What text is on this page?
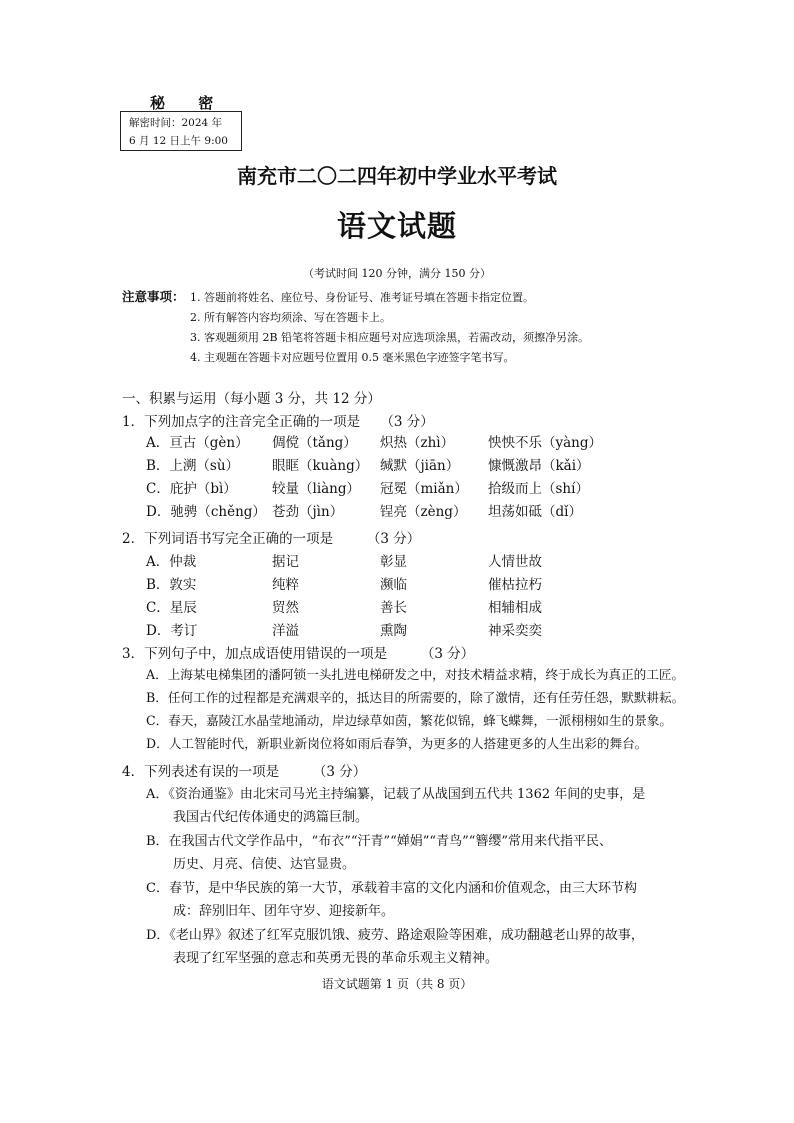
秘 密
解密时间：2024 年
6 月 12 日上午 9:00
南充市二〇二四年初中学业水平考试
语文试题
（考试时间 120 分钟，满分 150 分）
注意事项： 1. 答题前将姓名、座位号、身份证号、准考证号填在答题卡指定位置。
2. 所有解答内容均须涂、写在答题卡上。
3. 客观题须用 2B 铅笔将答题卡相应题号对应选项涂黑，若需改动，须擦净另涂。
4. 主观题在答题卡对应题号位置用 0.5 毫米黑色字迹签字笔书写。
一、积累与运用（每小题 3 分，共 12 分）
1．下列加点字的注音完全正确的一项是　　（3 分）
A．亘古（gèn） 倜傥（tǎng） 炽热（zhì）	怏怏不乐（yàng）
B．上溯（sù） 眼眶（kuàng） 缄默（jiān） 慷慨激昂（kǎi）
C．庇护（bì）	较量（liàng） 冠冕（miǎn） 拾级而上（shí）
D．驰骋（chěng） 苍劲（jìn）	锃亮（zèng） 坦荡如砥（dǐ）
2．下列词语书写完全正确的一项是　　　（3 分）
A．仲裁	据记	彰显	人情世故
B．敦实	纯粹	濒临	催枯拉朽
C．星辰	贸然	善长	相辅相成
D．考订	洋溢	熏陶	神采奕奕
3．下列句子中，加点成语使用错误的一项是　　　（3 分）
A．上海某电梯集团的潘阿锁一头扎进电梯研发之中，对技术精益求精，终于成长为真正的工匠。
B．任何工作的过程都是充满艰辛的，抵达目的所需要的，除了激情，还有任劳任怨，默默耕耘。
C．春天，嘉陵江水晶莹地涌动，岸边绿草如茵，繁花似锦，蜂飞蝶舞，一派栩栩如生的景象。
D．人工智能时代，新职业新岗位将如雨后春笋，为更多的人搭建更多的人生出彩的舞台。
4．下列表述有误的一项是　　　（3 分）
A．《资治通鉴》由北宋司马光主持编纂，记载了从战国到五代共 1362 年间的史事，是
我国古代纪传体通史的鸿篇巨制。
B．在我国古代文学作品中，“布衣”“汗青”“婵娟”“青鸟”“簪缨”常用来代指平民、
历史、月亮、信使、达官显贵。
C．春节，是中华民族的第一大节，承载着丰富的文化内涵和价值观念，由三大环节构
成：辞别旧年、团年守岁、迎接新年。
D．《老山界》叙述了红军克服饥饿、疲劳、路途艰险等困难，成功翻越老山界的故事，
表现了红军坚强的意志和英勇无畏的革命乐观主义精神。
语文试题第 1 页（共 8 页）
